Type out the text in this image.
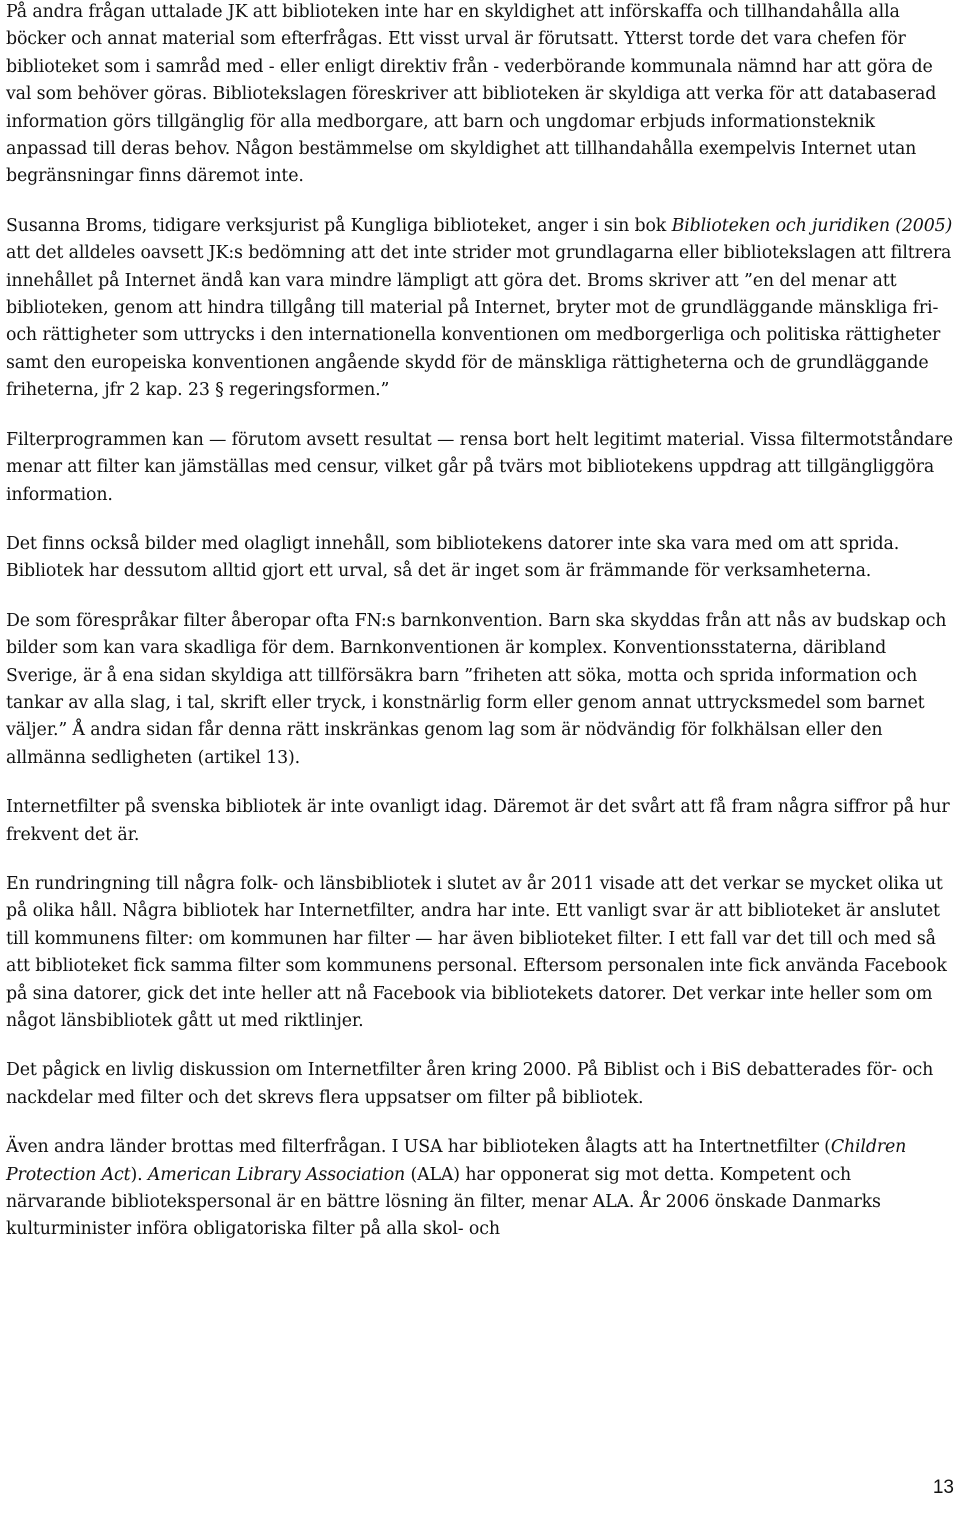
På andra frågan uttalade JK att biblioteken inte har en skyldighet att införskaffa och tillhandahålla alla böcker och annat material som efterfrågas. Ett visst urval är förutsatt. Ytterst torde det vara chefen för biblioteket som i samråd med - eller enligt direktiv från - vederbörande kommunala nämnd har att göra de val som behöver göras. Bibliotekslagen föreskriver att biblioteken är skyldiga att verka för att databaserad information görs tillgänglig för alla medborgare, att barn och ungdomar erbjuds informationsteknik anpassad till deras behov. Någon bestämmelse om skyldighet att tillhandahålla exempelvis Internet utan begränsningar finns däremot inte.

Susanna Broms, tidigare verksjurist på Kungliga biblioteket, anger i sin bok Biblioteken och juridiken (2005) att det alldeles oavsett JK:s bedömning att det inte strider mot grundlagarna eller bibliotekslagen att filtrera innehållet på Internet ändå kan vara mindre lämpligt att göra det. Broms skriver att ”en del menar att biblioteken, genom att hindra tillgång till material på Internet, bryter mot de grundläggande mänskliga fri- och rättigheter som uttrycks i den internationella konventionen om medborgerliga och politiska rättigheter samt den europeiska konventionen angående skydd för de mänskliga rättigheterna och de grundläggande friheterna, jfr 2 kap. 23 § regeringsformen.”

Filterprogrammen kan — förutom avsett resultat — rensa bort helt legitimt material. Vissa filtermotståndare menar att filter kan jämställas med censur, vilket går på tvärs mot bibliotekens uppdrag att tillgängliggöra information.

Det finns också bilder med olagligt innehåll, som bibliotekens datorer inte ska vara med om att sprida. Bibliotek har dessutom alltid gjort ett urval, så det är inget som är främmande för verksamheterna.

De som förespråkar filter åberopar ofta FN:s barnkonvention. Barn ska skyddas från att nås av budskap och bilder som kan vara skadliga för dem. Barnkonventionen är komplex. Konventionsstaterna, däribland Sverige, är å ena sidan skyldiga att tillförsäkra barn ”friheten att söka, motta och sprida information och tankar av alla slag, i tal, skrift eller tryck, i konstnärlig form eller genom annat uttrycksmedel som barnet väljer.” Å andra sidan får denna rätt inskränkas genom lag som är nödvändig för folkhälsan eller den allmänna sedligheten (artikel 13).

Internetfilter på svenska bibliotek är inte ovanligt idag. Däremot är det svårt att få fram några siffror på hur frekvent det är.

En rundringning till några folk- och länsbibliotek i slutet av år 2011 visade att det verkar se mycket olika ut på olika håll. Några bibliotek har Internetfilter, andra har inte. Ett vanligt svar är att biblioteket är anslutet till kommunens filter: om kommunen har filter — har även biblioteket filter. I ett fall var det till och med så att biblioteket fick samma filter som kommunens personal. Eftersom personalen inte fick använda Facebook på sina datorer, gick det inte heller att nå Facebook via bibliotekets datorer. Det verkar inte heller som om något länsbibliotek gått ut med riktlinjer.

Det pågick en livlig diskussion om Internetfilter åren kring 2000. På Biblist och i BiS debatterades för- och nackdelar med filter och det skrevs flera uppsatser om filter på bibliotek.

Även andra länder brottas med filterfrågan. I USA har biblioteken ålagts att ha Intertnetfilter (Children Protection Act). American Library Association (ALA) har opponerat sig mot detta. Kompetent och närvarande bibliotekspersonal är en bättre lösning än filter, menar ALA. År 2006 önskade Danmarks kulturminister införa obligatoriska filter på alla skol- och

13
